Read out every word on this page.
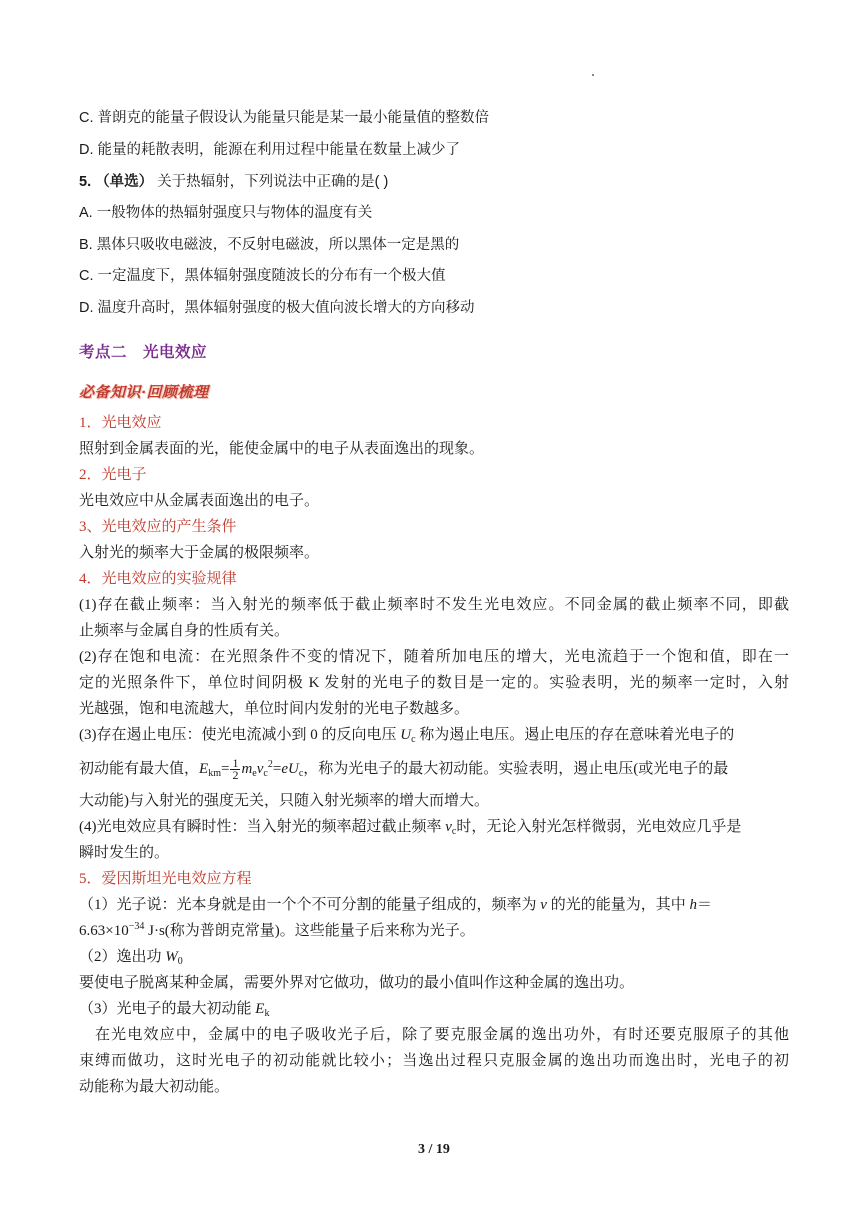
C. 普朗克的能量子假设认为能量只能是某一最小能量值的整数倍
D. 能量的耗散表明，能源在利用过程中能量在数量上减少了
5. （单选） 关于热辐射，下列说法中正确的是( )
A. 一般物体的热辐射强度只与物体的温度有关
B. 黑体只吸收电磁波，不反射电磁波，所以黑体一定是黑的
C. 一定温度下，黑体辐射强度随波长的分布有一个极大值
D. 温度升高时，黑体辐射强度的极大值向波长增大的方向移动
考点二　光电效应
必备知识·回顾梳理
1．光电效应
照射到金属表面的光，能使金属中的电子从表面逸出的现象。
2．光电子
光电效应中从金属表面逸出的电子。
3、光电效应的产生条件
入射光的频率大于金属的极限频率。
4．光电效应的实验规律
(1)存在截止频率：当入射光的频率低于截止频率时不发生光电效应。不同金属的截止频率不同，即截
止频率与金属自身的性质有关。
(2)存在饱和电流：在光照条件不变的情况下，随着所加电压的增大，光电流趋于一个饱和值，即在一
定的光照条件下，单位时间阴极 K 发射的光电子的数目是一定的。实验表明，光的频率一定时，入射
光越强，饱和电流越大，单位时间内发射的光电子数越多。
(3)存在遏止电压：使光电流减小到 0 的反向电压 $U_c$ 称为遏止电压。遏止电压的存在意味着光电子的
初动能有最大值，$E_{km}= \frac{1}{2} m_ev_c^2=eU_c$，称为光电子的最大初动能。实验表明，遏止电压(或光电子的最
大动能)与入射光的强度无关，只随入射光频率的增大而增大。
(4)光电效应具有瞬时性：当入射光的频率超过截止频率 $\nu_c$时，无论入射光怎样微弱，光电效应几乎是
瞬时发生的。
5．爱因斯坦光电效应方程
（1）光子说：光本身就是由一个个不可分割的能量子组成的，频率为 ν 的光的能量为，其中 h＝
$6.63\times 10^{-34}$ J·s(称为普朗克常量)。这些能量子后来称为光子。
（2）逸出功 $W_0$
要使电子脱离某种金属，需要外界对它做功，做功的最小值叫作这种金属的逸出功。
（3）光电子的最大初动能 $E_k$
在光电效应中，金属中的电子吸收光子后，除了要克服金属的逸出功外，有时还要克服原子的其他
束缚而做功，这时光电子的初动能就比较小；当逸出过程只克服金属的逸出功而逸出时，光电子的初
动能称为最大初动能。
3 / 19
